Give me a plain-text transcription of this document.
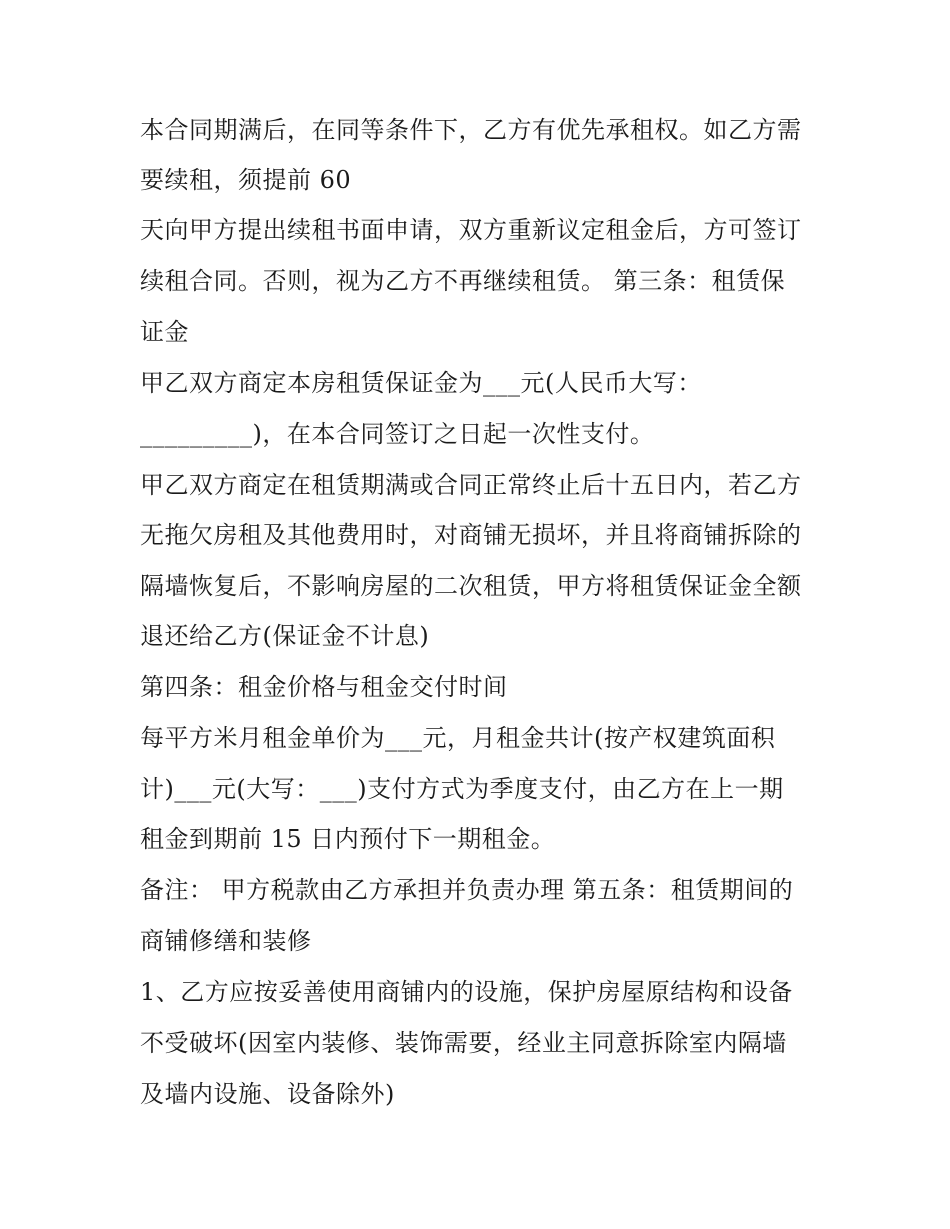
本合同期满后，在同等条件下，乙方有优先承租权。如乙方需
要续租，须提前 60
天向甲方提出续租书面申请，双方重新议定租金后，方可签订
续租合同。否则，视为乙方不再继续租赁。 第三条：租赁保
证金
甲乙双方商定本房租赁保证金为___元(人民币大写：
_________)，在本合同签订之日起一次性支付。
甲乙双方商定在租赁期满或合同正常终止后十五日内，若乙方
无拖欠房租及其他费用时，对商铺无损坏，并且将商铺拆除的
隔墙恢复后，不影响房屋的二次租赁，甲方将租赁保证金全额
退还给乙方(保证金不计息)
第四条：租金价格与租金交付时间
每平方米月租金单价为___元，月租金共计(按产权建筑面积
计)___元(大写：___)支付方式为季度支付，由乙方在上一期
租金到期前 15 日内预付下一期租金。
备注： 甲方税款由乙方承担并负责办理 第五条：租赁期间的
商铺修缮和装修
1、乙方应按妥善使用商铺内的设施，保护房屋原结构和设备
不受破坏(因室内装修、装饰需要，经业主同意拆除室内隔墙
及墙内设施、设备除外)
